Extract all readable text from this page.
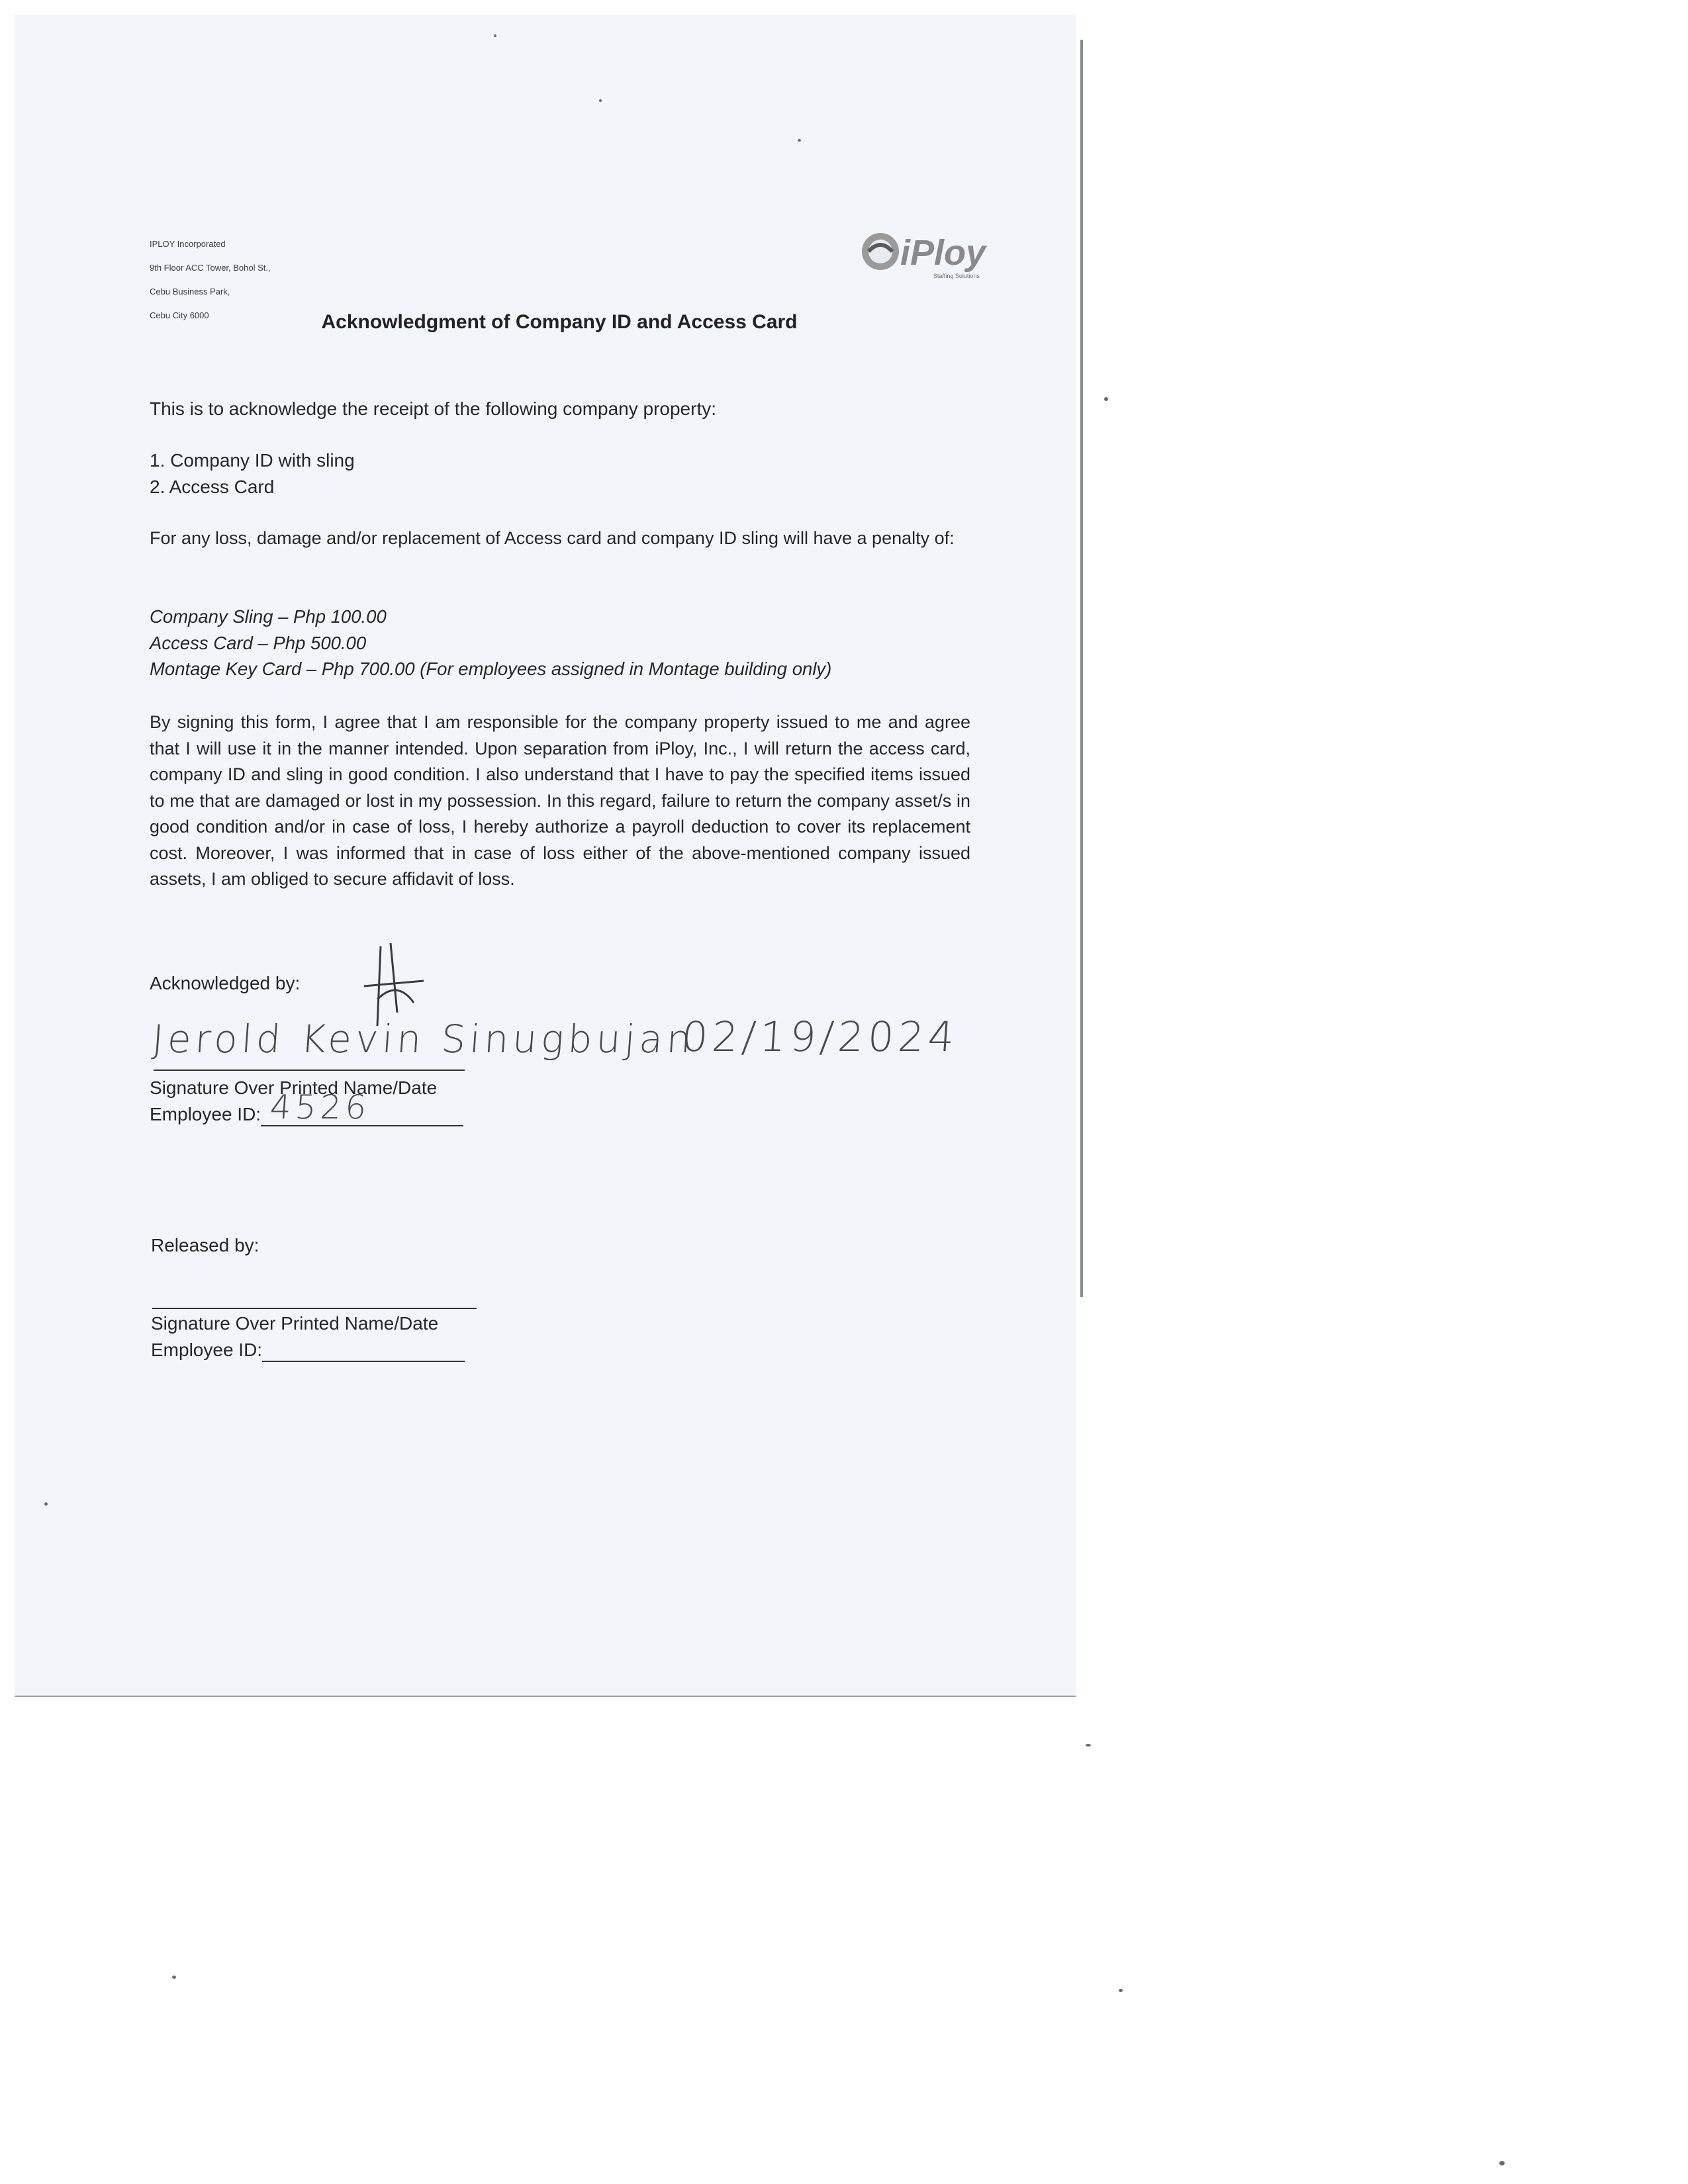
IPLOY Incorporated

9th Floor ACC Tower, Bohol St.,

Cebu Business Park,

Cebu City 6000

iPloy
Staffing Solutions
Acknowledgment of Company ID and Access Card
This is to acknowledge the receipt of the following company property:
1. Company ID with sling
2. Access Card
For any loss, damage and/or replacement of Access card and company ID sling will have a penalty of:
Company Sling – Php 100.00
Access Card – Php 500.00
Montage Key Card – Php 700.00 (For employees assigned in Montage building only)
By signing this form, I agree that I am responsible for the company property issued to me and agree that I will use it in the manner intended. Upon separation from iPloy, Inc., I will return the access card, company ID and sling in good condition. I also understand that I have to pay the specified items issued to me that are damaged or lost in my possession. In this regard, failure to return the company asset/s in good condition and/or in case of loss, I hereby authorize a payroll deduction to cover its replacement cost. Moreover, I was informed that in case of loss either of the above-mentioned company issued assets, I am obliged to secure affidavit of loss.
Acknowledged by:
Jerold Kevin Sinugbujan
02/19/2024
Signature Over Printed Name/Date
Employee ID: 4526
Released by:
Signature Over Printed Name/Date
Employee ID:
